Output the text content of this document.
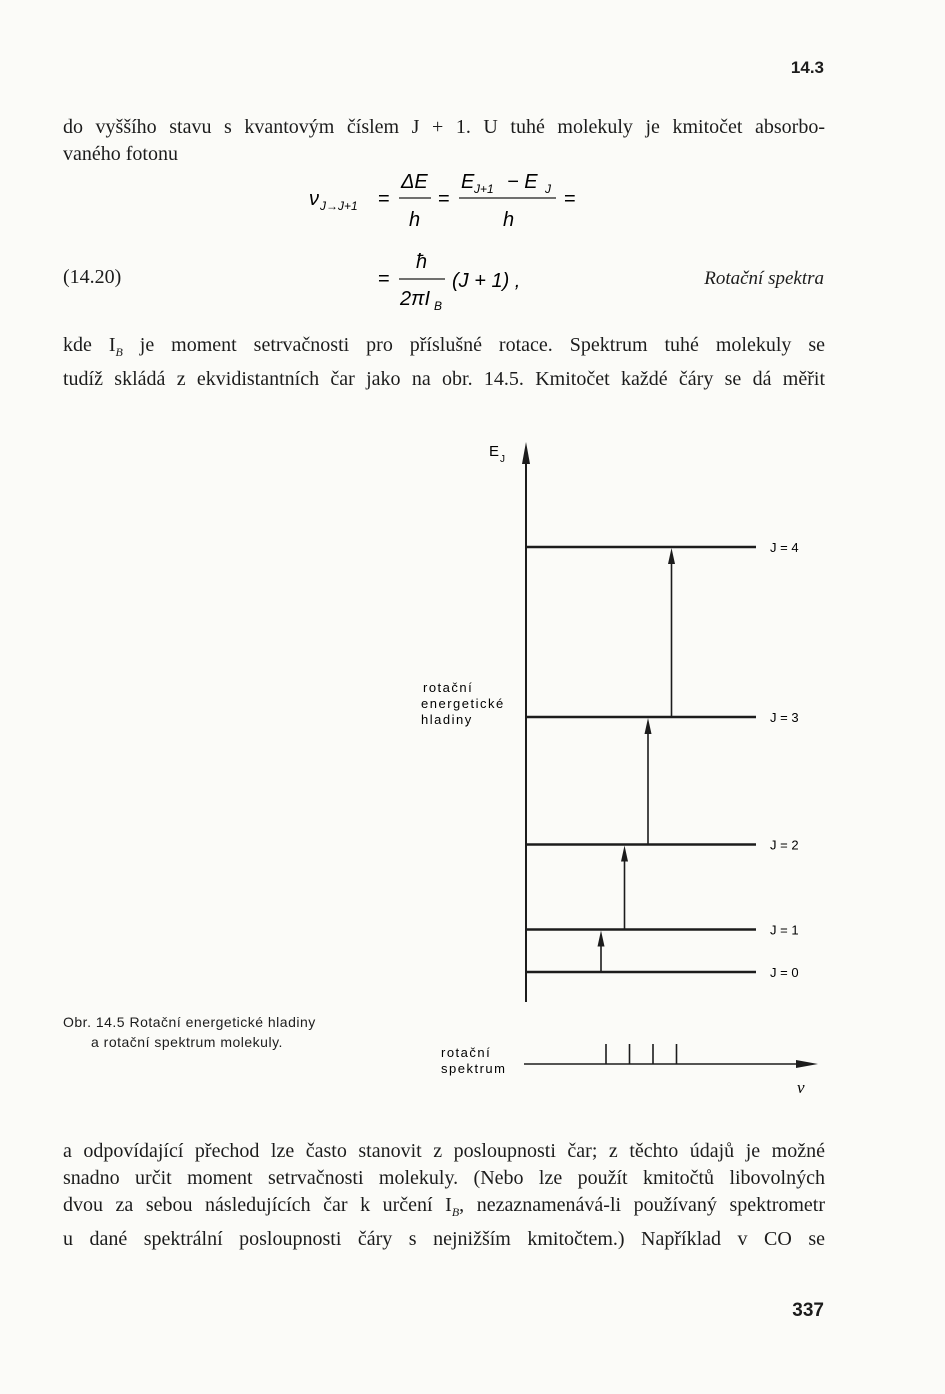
14.3
do vyššího stavu s kvantovým číslem J + 1. U tuhé molekuly je kmitočet absorbo-
vaného fotonu
ν J→J+1 =
ΔE
h
=
E J+1 − E J
h
=
=
ħ
2πI B
(J + 1) ,
(14.20)	Rotační spektra
kde $I_B$ je moment setrvačnosti pro příslušné rotace. Spektrum tuhé molekuly se
tudíž skládá z ekvidistantních čar jako na obr. 14.5. Kmitočet každé čáry se dá měřit
E J
J = 4
J = 3
J = 2
J = 1
J = 0
rotační
energetické
hladiny
rotační
spektrum
ν
Obr. 14.5 Rotační energetické hladiny
a rotační spektrum molekuly.
a odpovídající přechod lze často stanovit z posloupnosti čar; z těchto údajů je možné
snadno určit moment setrvačnosti molekuly. (Nebo lze použít kmitočtů libovolných
dvou za sebou následujících čar k určení $I_B$, nezaznamenává-li používaný spektrometr
u dané spektrální posloupnosti čáry s nejnižším kmitočtem.) Například v CO se
337
